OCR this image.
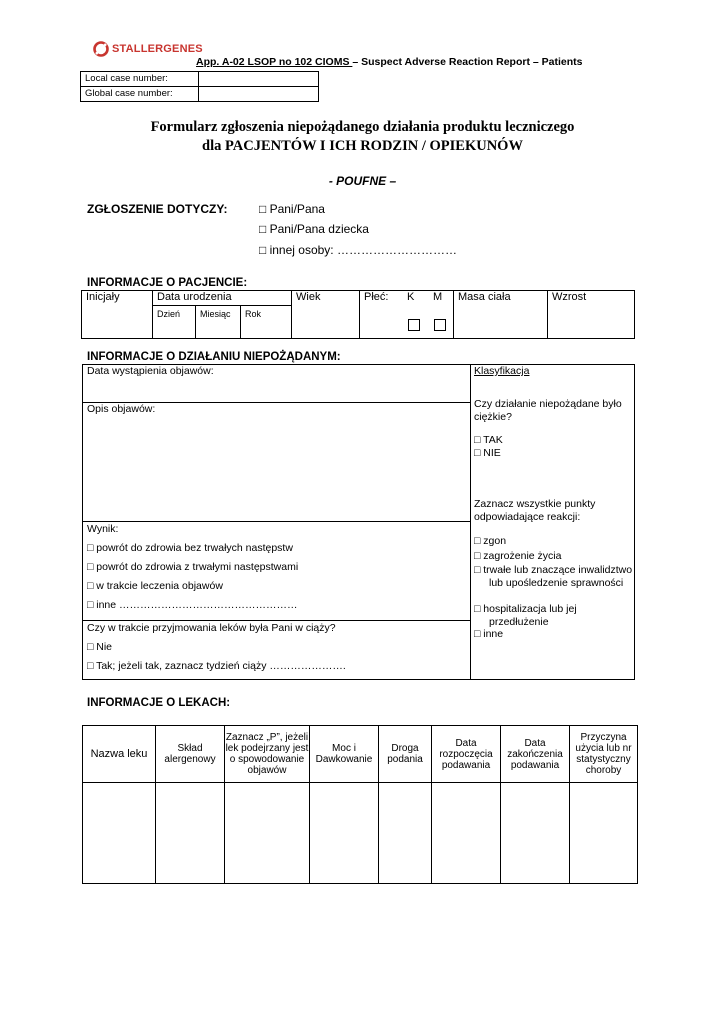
STALLERGENES
App. A-02 LSOP no 102 CIOMS – Suspect Adverse Reaction Report – Patients
Local case number:	
Global case number:	
Formularz zgłoszenia niepożądanego działania produktu leczniczego
dla PACJENTÓW I ICH RODZIN / OPIEKUNÓW
- POUFNE –
ZGŁOSZENIE DOTYCZY:	□ Pani/Pana
□ Pani/Pana dziecka
□ innej osoby: …………………………
INFORMACJE O PACJENCIE:
Inicjały	Data urodzenia			Wiek	Płeć: K M	Masa ciała	Wzrost
	Dzień	Miesiąc	Rok				
INFORMACJE O DZIAŁANIU NIEPOŻĄDANYM:
Data wystąpienia objawów:
Opis objawów:
Wynik:
□ powrót do zdrowia bez trwałych następstw
□ powrót do zdrowia z trwałymi następstwami
□ w trakcie leczenia objawów
□ inne ……………………………………………
Czy w trakcie przyjmowania leków była Pani w ciąży?
□ Nie
□ Tak; jeżeli tak, zaznacz tydzień ciąży ………………….
Klasyfikacja
Czy działanie niepożądane było ciężkie?
□ TAK
□ NIE
Zaznacz wszystkie punkty odpowiadające reakcji:
□ zgon
□ zagrożenie życia
□ trwałe lub znaczące inwalidztwo lub upośledzenie sprawności
□ hospitalizacja lub jej przedłużenie
□ inne
INFORMACJE O LEKACH:
Nazwa leku	Skład alergenowy	Zaznacz „P”, jeżeli lek podejrzany jest o spowodowanie objawów	Moc i Dawkowanie	Droga podania	Data rozpoczęcia podawania	Data zakończenia podawania	Przyczyna użycia lub nr statystyczny choroby
